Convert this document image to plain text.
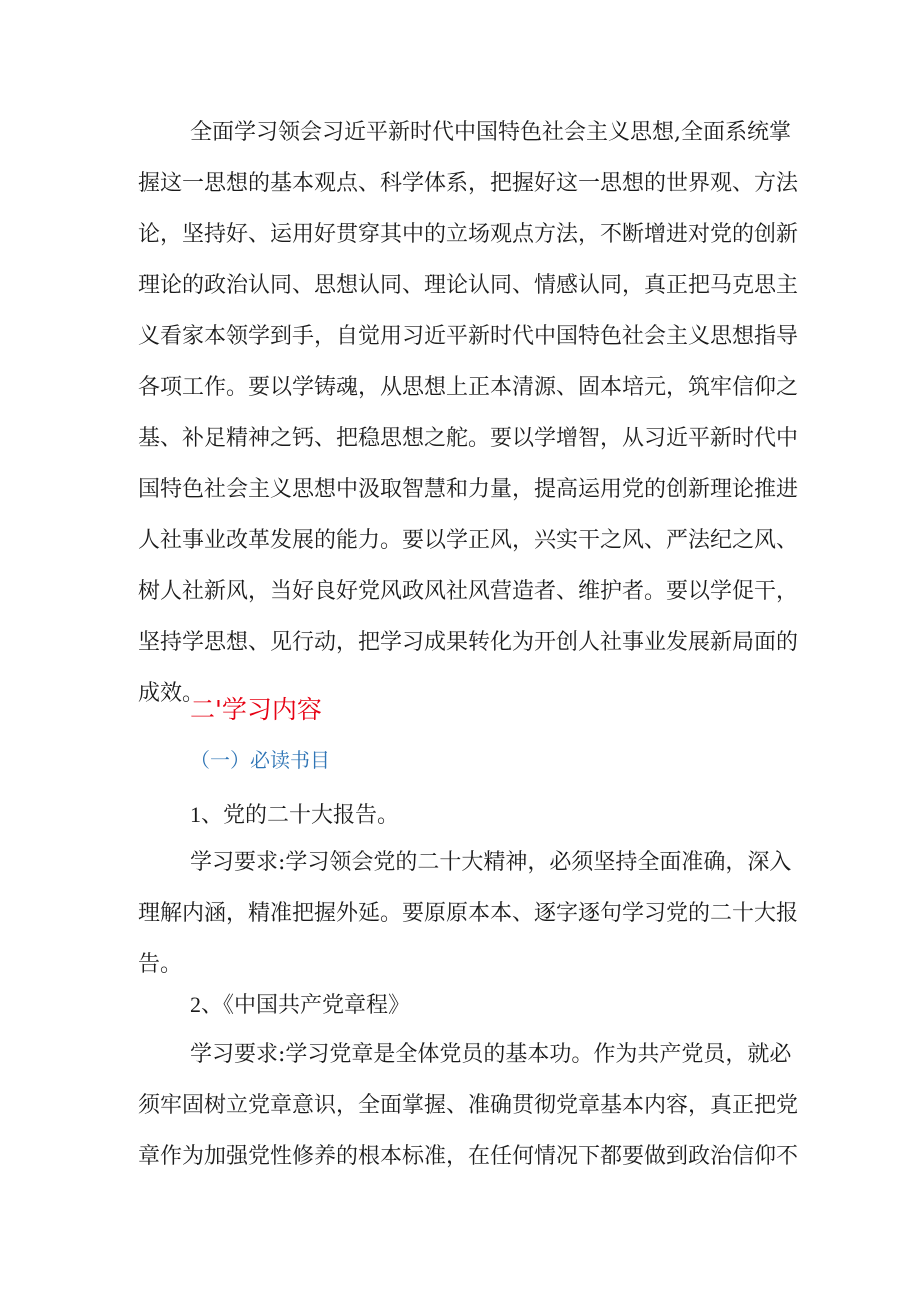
全面学习领会习近平新时代中国特色社会主义思想,全面系统掌
握这一思想的基本观点、科学体系，把握好这一思想的世界观、方法
论，坚持好、运用好贯穿其中的立场观点方法，不断增进对党的创新
理论的政治认同、思想认同、理论认同、情感认同，真正把马克思主
义看家本领学到手，自觉用习近平新时代中国特色社会主义思想指导
各项工作。要以学铸魂，从思想上正本清源、固本培元，筑牢信仰之
基、补足精神之钙、把稳思想之舵。要以学增智，从习近平新时代中
国特色社会主义思想中汲取智慧和力量，提高运用党的创新理论推进
人社事业改革发展的能力。要以学正风，兴实干之风、严法纪之风、
树人社新风，当好良好党风政风社风营造者、维护者。要以学促干，
坚持学思想、见行动，把学习成果转化为开创人社事业发展新局面的
成效。
二'学习内容
（一）必读书目
1、党的二十大报告。
学习要求:学习领会党的二十大精神，必须坚持全面准确，深入
理解内涵，精准把握外延。要原原本本、逐字逐句学习党的二十大报
告。
2、《中国共产党章程》
学习要求:学习党章是全体党员的基本功。作为共产党员，就必
须牢固树立党章意识，全面掌握、准确贯彻党章基本内容，真正把党
章作为加强党性修养的根本标准，在任何情况下都要做到政治信仰不
